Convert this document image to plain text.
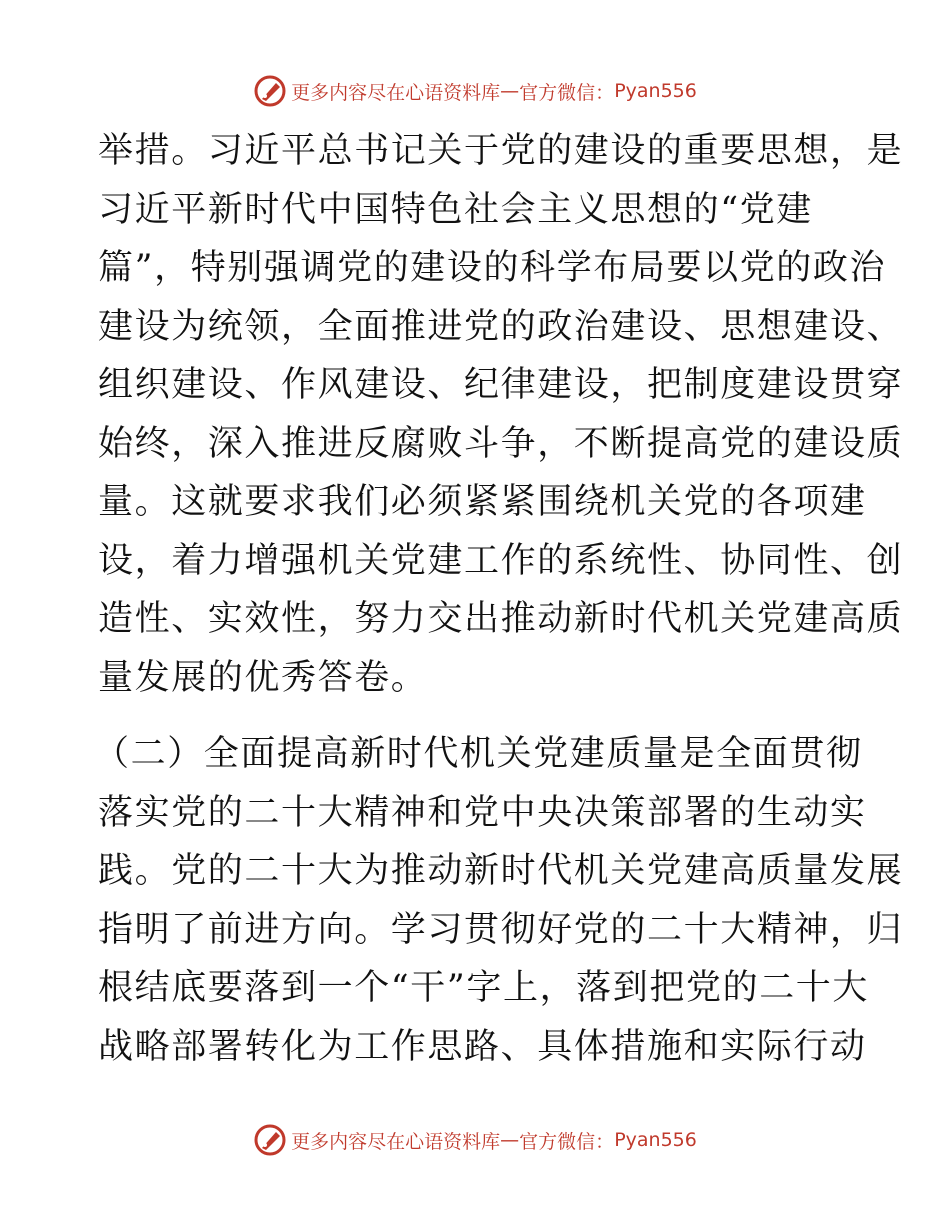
更多内容尽在心语资料库 — 官方微信： Pyan556
举措。习近平总书记关于党的建设的重要思想，是
习近平新时代中国特色社会主义思想的“党建
篇”，特别强调党的建设的科学布局要以党的政治
建设为统领，全面推进党的政治建设、思想建设、
组织建设、作风建设、纪律建设，把制度建设贯穿
始终，深入推进反腐败斗争，不断提高党的建设质
量。这就要求我们必须紧紧围绕机关党的各项建
设，着力增强机关党建工作的系统性、协同性、创
造性、实效性，努力交出推动新时代机关党建高质
量发展的优秀答卷。
（二）全面提高新时代机关党建质量是全面贯彻
落实党的二十大精神和党中央决策部署的生动实
践。党的二十大为推动新时代机关党建高质量发展
指明了前进方向。学习贯彻好党的二十大精神，归
根结底要落到一个“干”字上，落到把党的二十大
战略部署转化为工作思路、具体措施和实际行动
更多内容尽在心语资料库 — 官方微信： Pyan556
